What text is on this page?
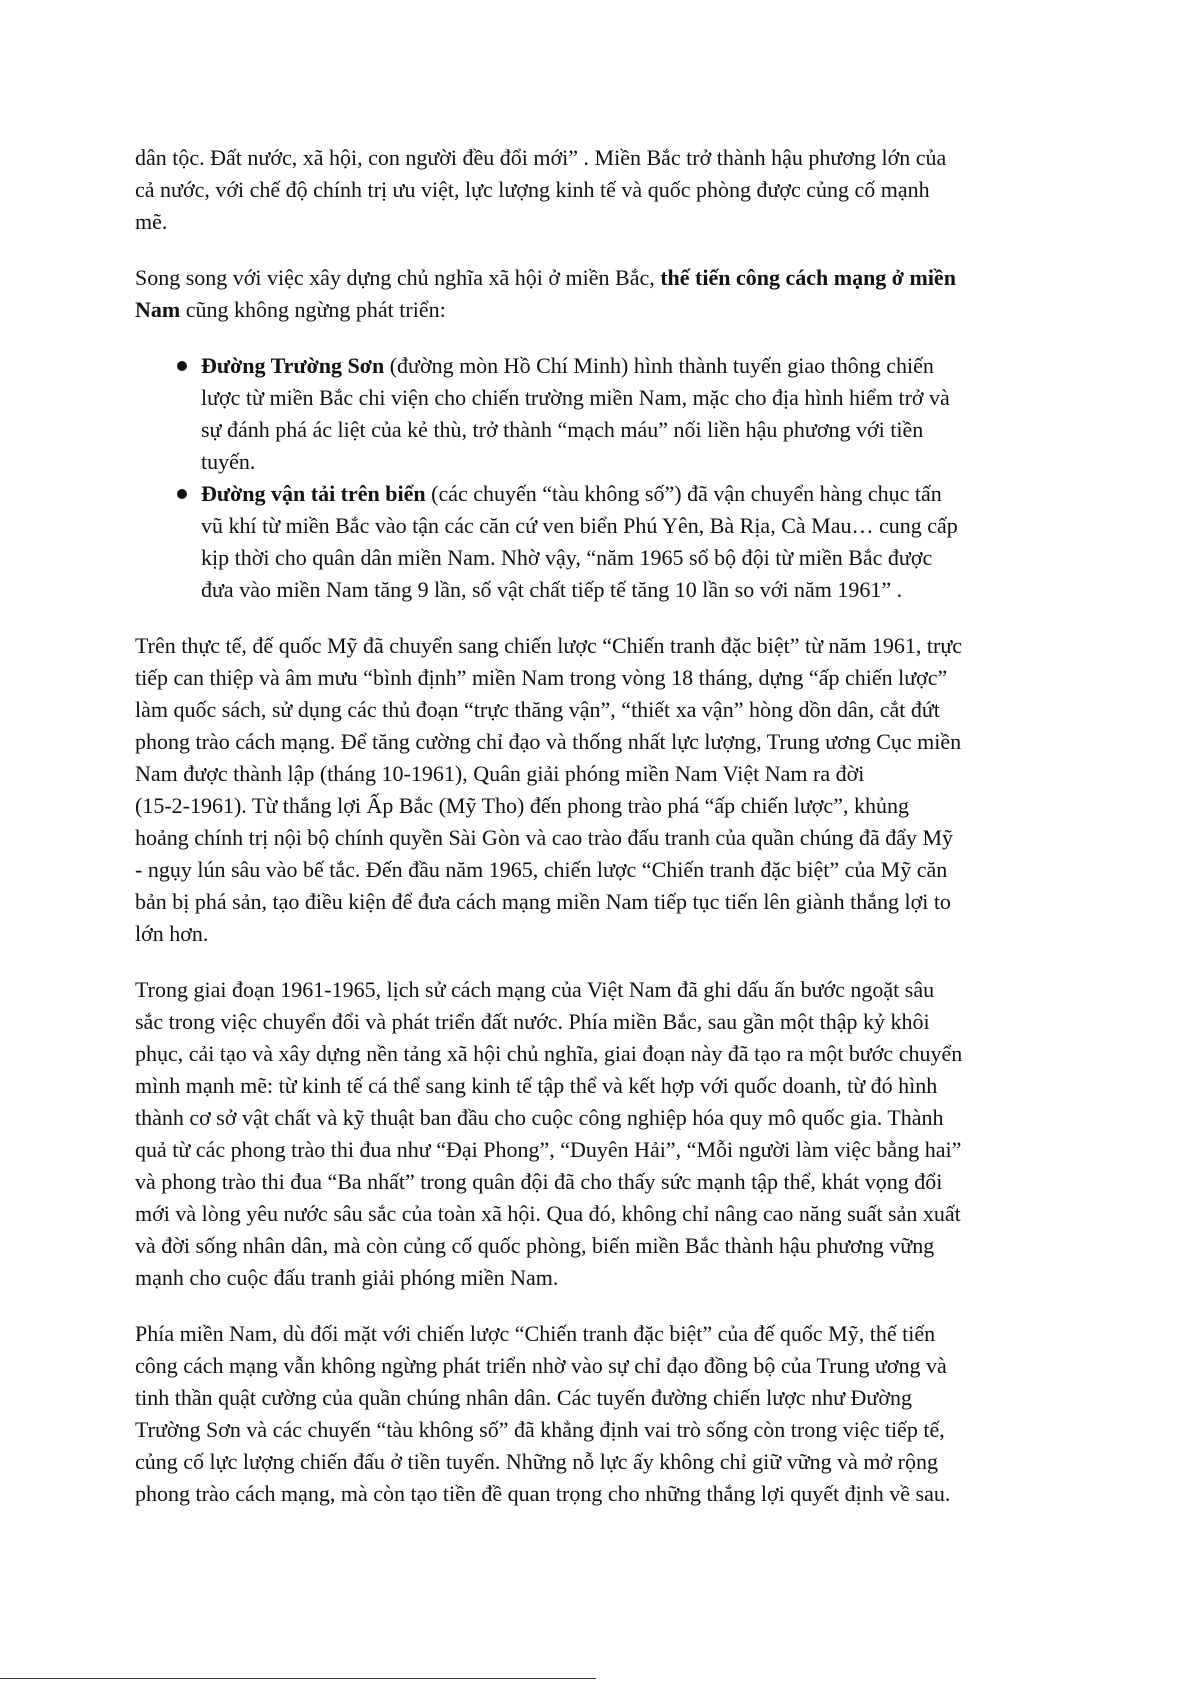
dân tộc. Đất nước, xã hội, con người đều đổi mới” . Miền Bắc trở thành hậu phương lớn của
cả nước, với chế độ chính trị ưu việt, lực lượng kinh tế và quốc phòng được củng cố mạnh
mẽ.
Song song với việc xây dựng chủ nghĩa xã hội ở miền Bắc, thế tiến công cách mạng ở miền
Nam cũng không ngừng phát triển:
Đường Trường Sơn (đường mòn Hồ Chí Minh) hình thành tuyến giao thông chiến
lược từ miền Bắc chi viện cho chiến trường miền Nam, mặc cho địa hình hiểm trở và
sự đánh phá ác liệt của kẻ thù, trở thành “mạch máu” nối liền hậu phương với tiền
tuyến.
Đường vận tải trên biển (các chuyến “tàu không số”) đã vận chuyển hàng chục tấn
vũ khí từ miền Bắc vào tận các căn cứ ven biển Phú Yên, Bà Rịa, Cà Mau… cung cấp
kịp thời cho quân dân miền Nam. Nhờ vậy, “năm 1965 số bộ đội từ miền Bắc được
đưa vào miền Nam tăng 9 lần, số vật chất tiếp tế tăng 10 lần so với năm 1961” .
Trên thực tế, đế quốc Mỹ đã chuyển sang chiến lược “Chiến tranh đặc biệt” từ năm 1961, trực
tiếp can thiệp và âm mưu “bình định” miền Nam trong vòng 18 tháng, dựng “ấp chiến lược”
làm quốc sách, sử dụng các thủ đoạn “trực thăng vận”, “thiết xa vận” hòng dồn dân, cắt đứt
phong trào cách mạng. Để tăng cường chỉ đạo và thống nhất lực lượng, Trung ương Cục miền
Nam được thành lập (tháng 10-1961), Quân giải phóng miền Nam Việt Nam ra đời
(15-2-1961). Từ thắng lợi Ấp Bắc (Mỹ Tho) đến phong trào phá “ấp chiến lược”, khủng
hoảng chính trị nội bộ chính quyền Sài Gòn và cao trào đấu tranh của quần chúng đã đẩy Mỹ
- ngụy lún sâu vào bế tắc. Đến đầu năm 1965, chiến lược “Chiến tranh đặc biệt” của Mỹ căn
bản bị phá sản, tạo điều kiện để đưa cách mạng miền Nam tiếp tục tiến lên giành thắng lợi to
lớn hơn.
Trong giai đoạn 1961-1965, lịch sử cách mạng của Việt Nam đã ghi dấu ấn bước ngoặt sâu
sắc trong việc chuyển đổi và phát triển đất nước. Phía miền Bắc, sau gần một thập kỷ khôi
phục, cải tạo và xây dựng nền tảng xã hội chủ nghĩa, giai đoạn này đã tạo ra một bước chuyển
mình mạnh mẽ: từ kinh tế cá thể sang kinh tế tập thể và kết hợp với quốc doanh, từ đó hình
thành cơ sở vật chất và kỹ thuật ban đầu cho cuộc công nghiệp hóa quy mô quốc gia. Thành
quả từ các phong trào thi đua như “Đại Phong”, “Duyên Hải”, “Mỗi người làm việc bằng hai”
và phong trào thi đua “Ba nhất” trong quân đội đã cho thấy sức mạnh tập thể, khát vọng đổi
mới và lòng yêu nước sâu sắc của toàn xã hội. Qua đó, không chỉ nâng cao năng suất sản xuất
và đời sống nhân dân, mà còn củng cố quốc phòng, biến miền Bắc thành hậu phương vững
mạnh cho cuộc đấu tranh giải phóng miền Nam.
Phía miền Nam, dù đối mặt với chiến lược “Chiến tranh đặc biệt” của đế quốc Mỹ, thế tiến
công cách mạng vẫn không ngừng phát triển nhờ vào sự chỉ đạo đồng bộ của Trung ương và
tinh thần quật cường của quần chúng nhân dân. Các tuyến đường chiến lược như Đường
Trường Sơn và các chuyến “tàu không số” đã khẳng định vai trò sống còn trong việc tiếp tế,
củng cố lực lượng chiến đấu ở tiền tuyến. Những nỗ lực ấy không chỉ giữ vững và mở rộng
phong trào cách mạng, mà còn tạo tiền đề quan trọng cho những thắng lợi quyết định về sau.
